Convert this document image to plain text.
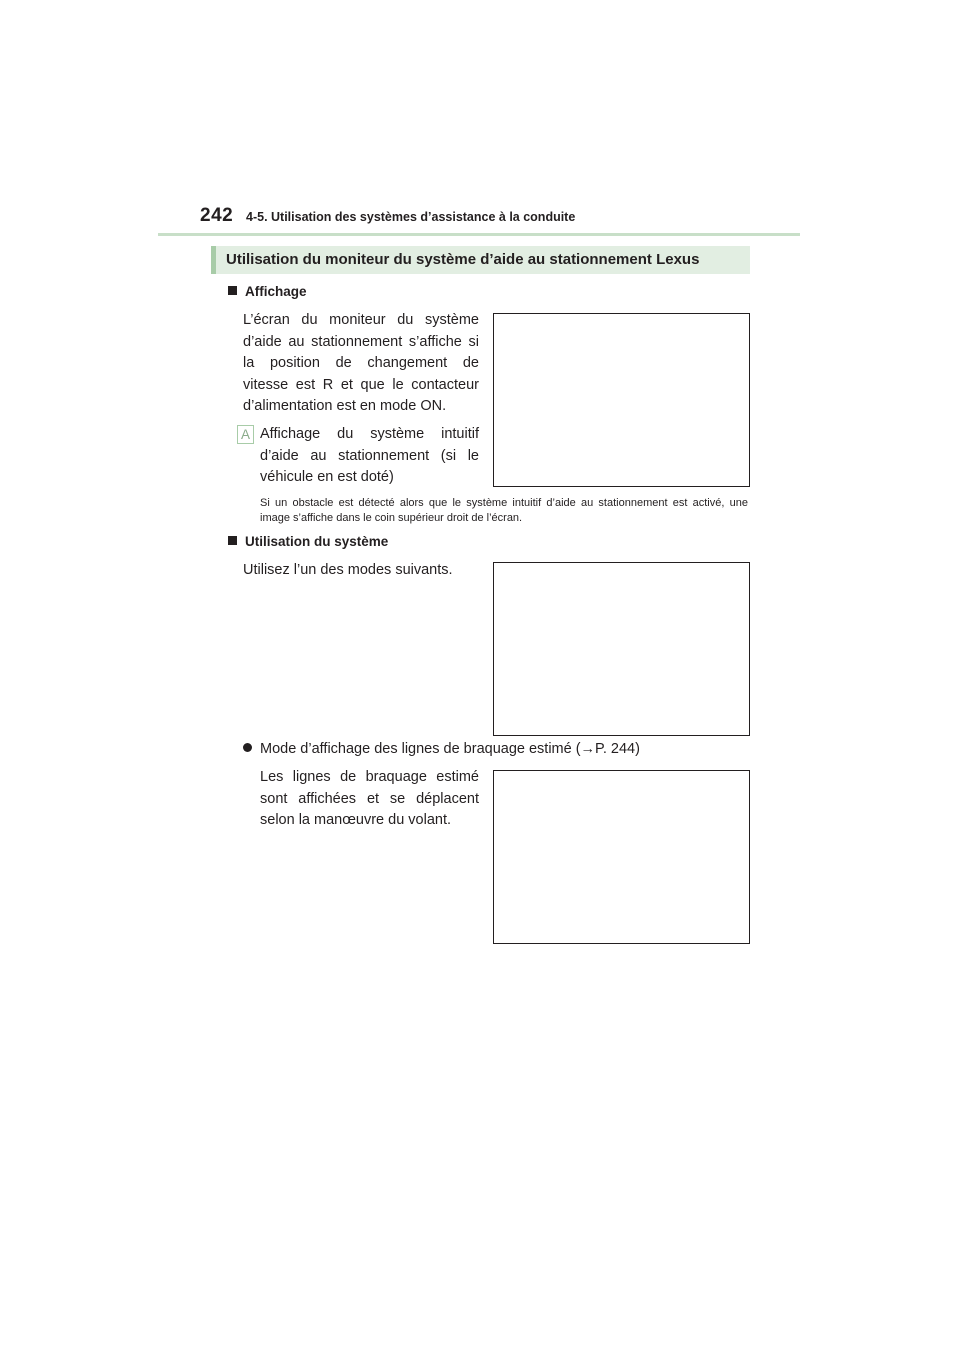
242 4-5. Utilisation des systèmes d’assistance à la conduite
Utilisation du moniteur du système d’aide au stationnement Lexus
Affichage
L’écran du moniteur du système d’aide au stationnement s’affiche si la position de changement de vitesse est R et que le contacteur d’alimentation est en mode ON.
A Affichage du système intuitif d’aide au stationnement (si le véhicule en est doté)
Si un obstacle est détecté alors que le système intuitif d’aide au stationnement est activé, une image s’affiche dans le coin supérieur droit de l’écran.
Utilisation du système
Utilisez l’un des modes suivants.
Mode d’affichage des lignes de braquage estimé (→P. 244)
Les lignes de braquage estimé sont affichées et se déplacent selon la manœuvre du volant.
